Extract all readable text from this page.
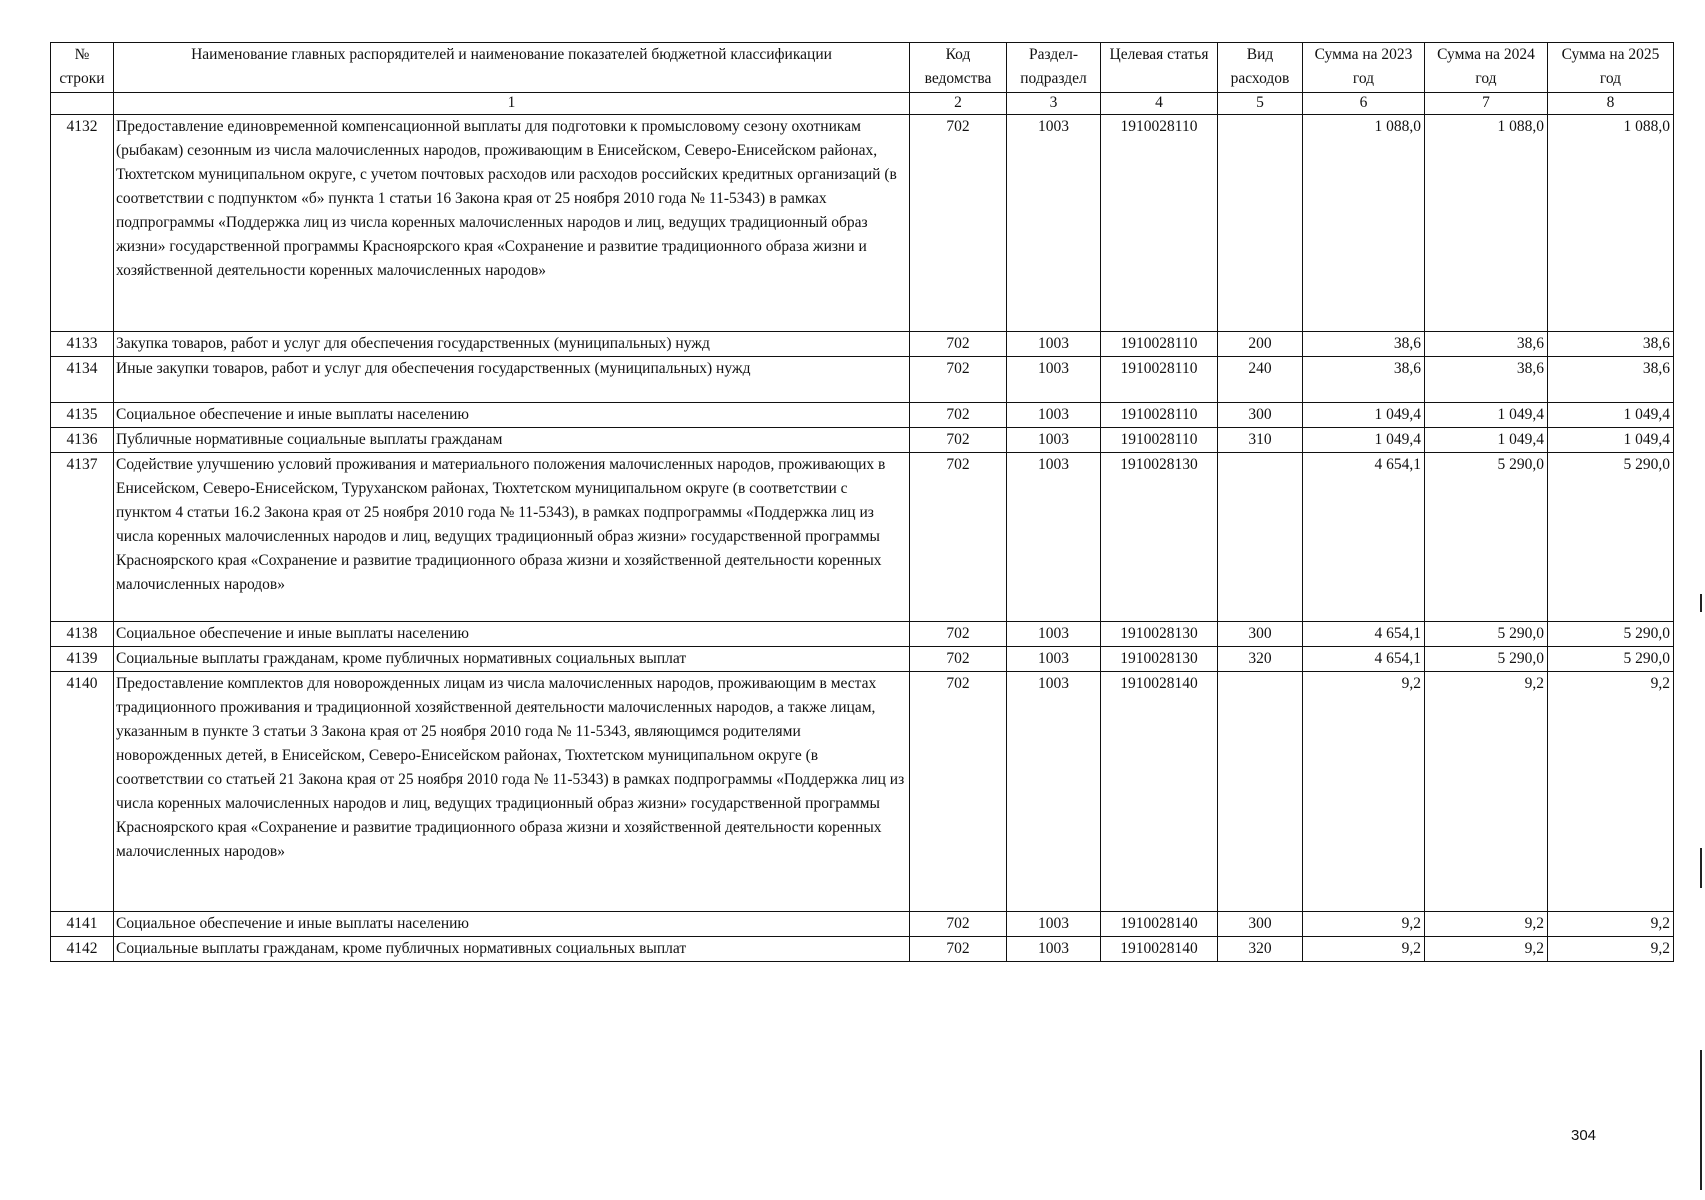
№ строки	Наименование главных распорядителей и наименование показателей бюджетной классификации	Код ведомства	Раздел-подраздел	Целевая статья	Вид расходов	Сумма на 2023 год	Сумма на 2024 год	Сумма на 2025 год
	1	2	3	4	5	6	7	8
4132	Предоставление единовременной компенсационной выплаты для подготовки к промысловому сезону охотникам (рыбакам) сезонным из числа малочисленных народов, проживающим в Енисейском, Северо-Енисейском районах, Тюхтетском муниципальном округе, с учетом почтовых расходов или расходов российских кредитных организаций (в соответствии с подпунктом «б» пункта 1 статьи 16 Закона края от 25 ноября 2010 года № 11-5343) в рамках подпрограммы «Поддержка лиц из числа коренных малочисленных народов и лиц, ведущих традиционный образ жизни» государственной программы Красноярского края «Сохранение и развитие традиционного образа жизни и хозяйственной деятельности коренных малочисленных народов»	702	1003	1910028110		1 088,0	1 088,0	1 088,0
4133	Закупка товаров, работ и услуг для обеспечения государственных (муниципальных) нужд	702	1003	1910028110	200	38,6	38,6	38,6
4134	Иные закупки товаров, работ и услуг для обеспечения государственных (муниципальных) нужд	702	1003	1910028110	240	38,6	38,6	38,6
4135	Социальное обеспечение и иные выплаты населению	702	1003	1910028110	300	1 049,4	1 049,4	1 049,4
4136	Публичные нормативные социальные выплаты гражданам	702	1003	1910028110	310	1 049,4	1 049,4	1 049,4
4137	Содействие улучшению условий проживания и материального положения малочисленных народов, проживающих в Енисейском, Северо-Енисейском, Туруханском районах, Тюхтетском муниципальном округе (в соответствии с пунктом 4 статьи 16.2 Закона края от 25 ноября 2010 года № 11-5343), в рамках подпрограммы «Поддержка лиц из числа коренных малочисленных народов и лиц, ведущих традиционный образ жизни» государственной программы Красноярского края «Сохранение и развитие традиционного образа жизни и хозяйственной деятельности коренных малочисленных народов»	702	1003	1910028130		4 654,1	5 290,0	5 290,0
4138	Социальное обеспечение и иные выплаты населению	702	1003	1910028130	300	4 654,1	5 290,0	5 290,0
4139	Социальные выплаты гражданам, кроме публичных нормативных социальных выплат	702	1003	1910028130	320	4 654,1	5 290,0	5 290,0
4140	Предоставление комплектов для новорожденных лицам из числа малочисленных народов, проживающим в местах традиционного проживания и традиционной хозяйственной деятельности малочисленных народов, а также лицам, указанным в пункте 3 статьи 3 Закона края от 25 ноября 2010 года № 11-5343, являющимся родителями новорожденных детей, в Енисейском, Северо-Енисейском районах, Тюхтетском муниципальном округе (в соответствии со статьей 21 Закона края от 25 ноября 2010 года № 11-5343) в рамках подпрограммы «Поддержка лиц из числа коренных малочисленных народов и лиц, ведущих традиционный образ жизни» государственной программы Красноярского края «Сохранение и развитие традиционного образа жизни и хозяйственной деятельности коренных малочисленных народов»	702	1003	1910028140		9,2	9,2	9,2
4141	Социальное обеспечение и иные выплаты населению	702	1003	1910028140	300	9,2	9,2	9,2
4142	Социальные выплаты гражданам, кроме публичных нормативных социальных выплат	702	1003	1910028140	320	9,2	9,2	9,2
304
